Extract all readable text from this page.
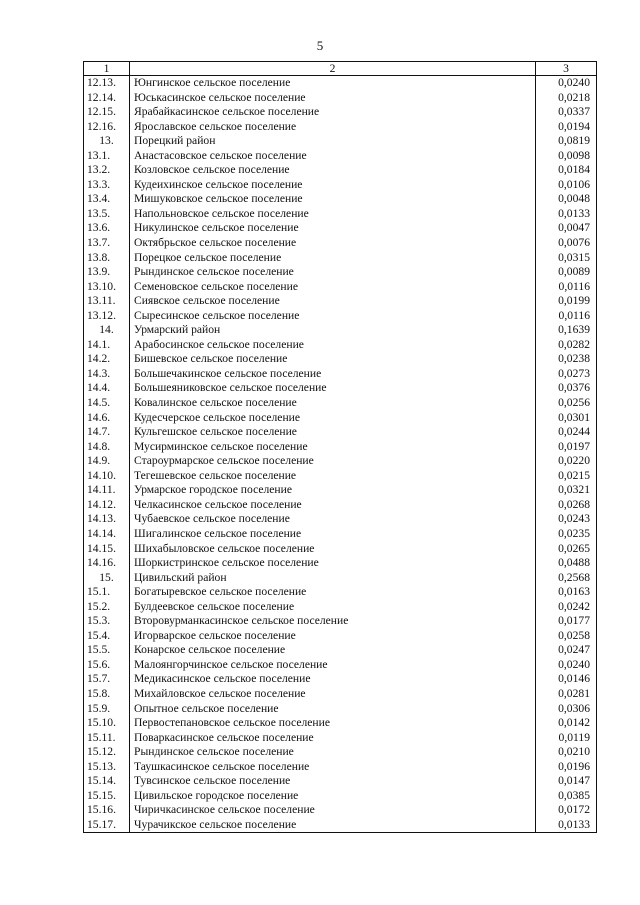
5
1	2	3
12.13.	Юнгинское сельское поселение	0,0240
12.14.	Юськасинское сельское поселение	0,0218
12.15.	Ярабайкасинское сельское поселение	0,0337
12.16.	Ярославское сельское поселение	0,0194
13.	Порецкий район	0,0819
13.1.	Анастасовское сельское поселение	0,0098
13.2.	Козловское сельское поселение	0,0184
13.3.	Кудеихинское сельское поселение	0,0106
13.4.	Мишуковское сельское поселение	0,0048
13.5.	Напольновское сельское поселение	0,0133
13.6.	Никулинское сельское поселение	0,0047
13.7.	Октябрьское сельское поселение	0,0076
13.8.	Порецкое сельское поселение	0,0315
13.9.	Рындинское сельское поселение	0,0089
13.10.	Семеновское сельское поселение	0,0116
13.11.	Сиявское сельское поселение	0,0199
13.12.	Сыресинское сельское поселение	0,0116
14.	Урмарский район	0,1639
14.1.	Арабосинское сельское поселение	0,0282
14.2.	Бишевское сельское поселение	0,0238
14.3.	Большечакинское сельское поселение	0,0273
14.4.	Большеяниковское сельское поселение	0,0376
14.5.	Ковалинское сельское поселение	0,0256
14.6.	Кудесчерское сельское поселение	0,0301
14.7.	Кульгешское сельское поселение	0,0244
14.8.	Мусирминское сельское поселение	0,0197
14.9.	Староурмарское сельское поселение	0,0220
14.10.	Тегешевское сельское поселение	0,0215
14.11.	Урмарское городское поселение	0,0321
14.12.	Челкасинское сельское поселение	0,0268
14.13.	Чубаевское сельское поселение	0,0243
14.14.	Шигалинское сельское поселение	0,0235
14.15.	Шихабыловское сельское поселение	0,0265
14.16.	Шоркистринское сельское поселение	0,0488
15.	Цивильский район	0,2568
15.1.	Богатыревское сельское поселение	0,0163
15.2.	Булдеевское сельское поселение	0,0242
15.3.	Второвурманкасинское сельское поселение	0,0177
15.4.	Игорварское сельское поселение	0,0258
15.5.	Конарское сельское поселение	0,0247
15.6.	Малоянгорчинское сельское поселение	0,0240
15.7.	Медикасинское сельское поселение	0,0146
15.8.	Михайловское сельское поселение	0,0281
15.9.	Опытное сельское поселение	0,0306
15.10.	Первостепановское сельское поселение	0,0142
15.11.	Поваркасинское сельское поселение	0,0119
15.12.	Рындинское сельское поселение	0,0210
15.13.	Таушкасинское сельское поселение	0,0196
15.14.	Тувсинское сельское поселение	0,0147
15.15.	Цивильское городское поселение	0,0385
15.16.	Чиричкасинское сельское поселение	0,0172
15.17.	Чурачикское сельское поселение	0,0133
